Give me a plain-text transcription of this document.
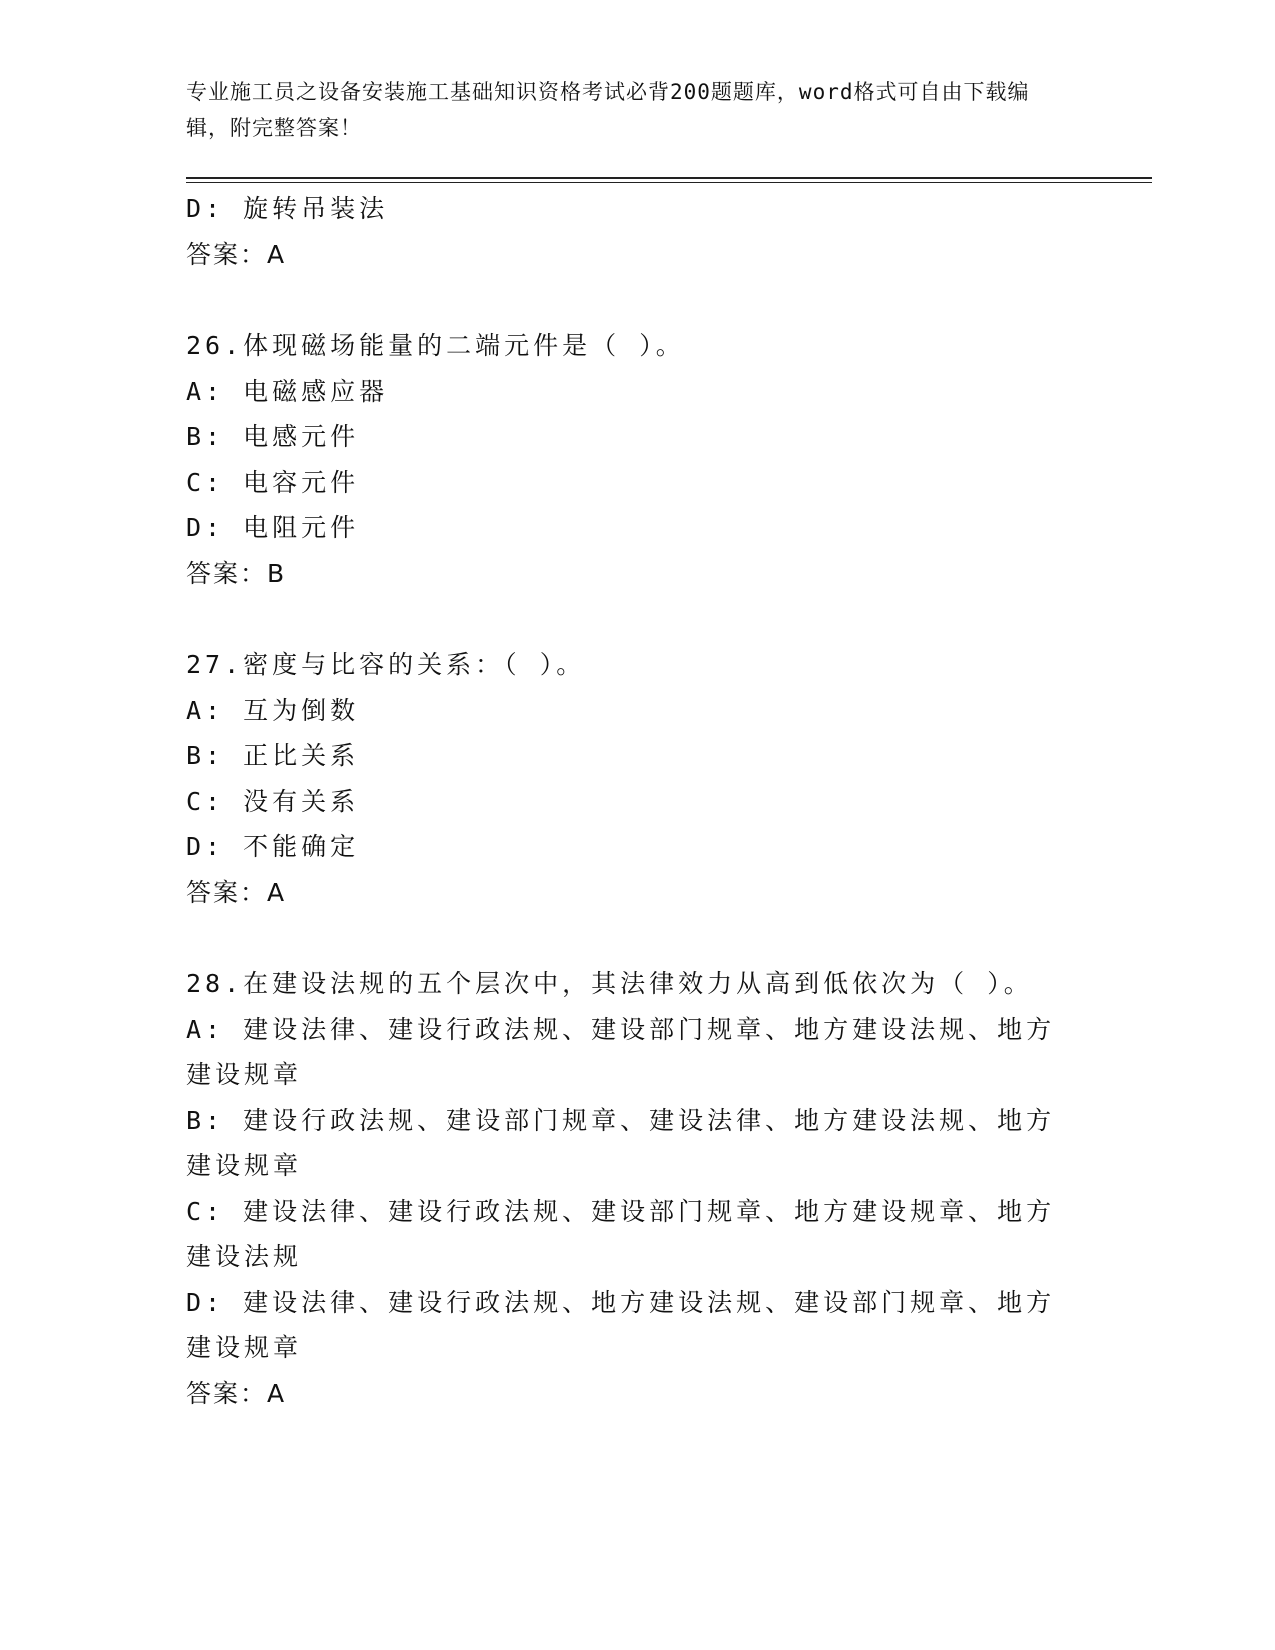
专业施工员之设备安装施工基础知识资格考试必背200题题库，word格式可自由下载编辑，附完整答案！
D: 旋转吊装法
答案：A
26.体现磁场能量的二端元件是（ ）。
A: 电磁感应器
B: 电感元件
C: 电容元件
D: 电阻元件
答案：B
27.密度与比容的关系：（ ）。
A: 互为倒数
B: 正比关系
C: 没有关系
D: 不能确定
答案：A
28.在建设法规的五个层次中，其法律效力从高到低依次为（ ）。
A: 建设法律、建设行政法规、建设部门规章、地方建设法规、地方建设规章
B: 建设行政法规、建设部门规章、建设法律、地方建设法规、地方建设规章
C: 建设法律、建设行政法规、建设部门规章、地方建设规章、地方建设法规
D: 建设法律、建设行政法规、地方建设法规、建设部门规章、地方建设规章
答案：A
